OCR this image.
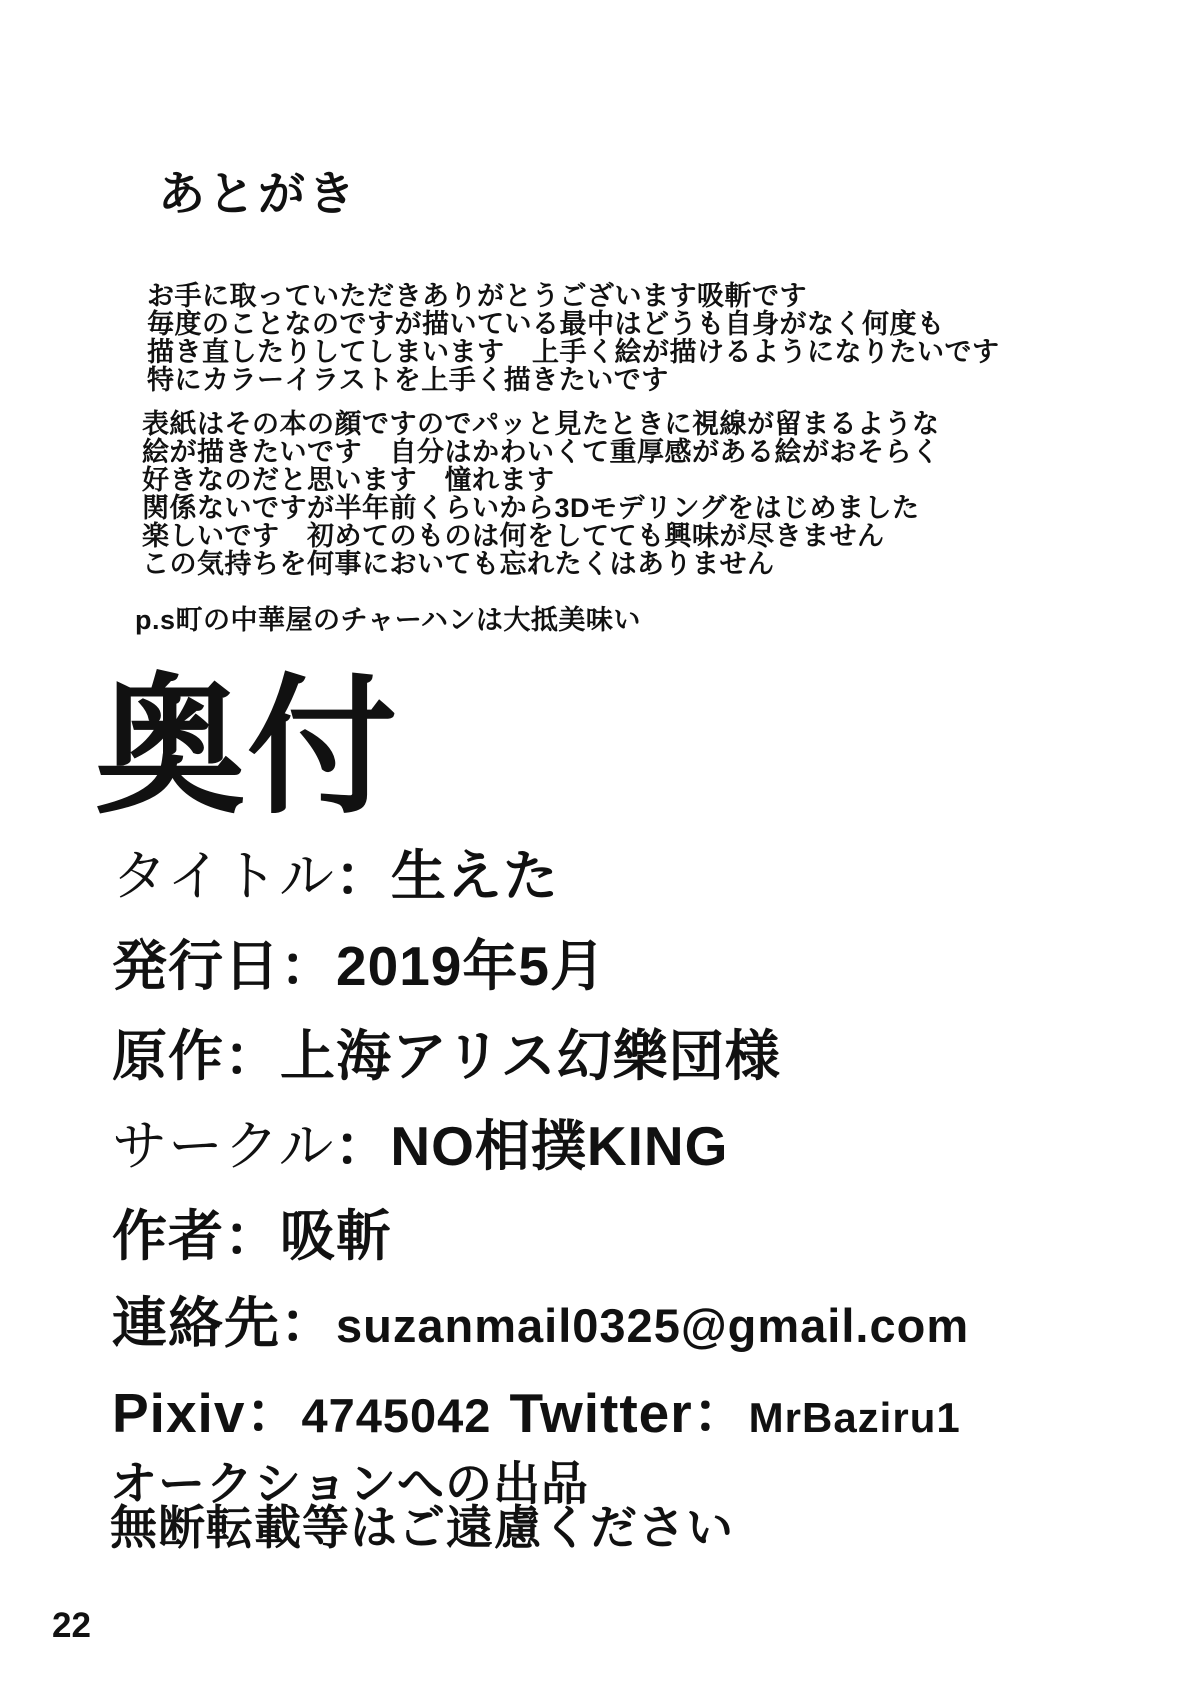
あとがき
お手に取っていただきありがとうございます吸斬です
毎度のことなのですが描いている最中はどうも自身がなく何度も
描き直したりしてしまいます　上手く絵が描けるようになりたいです
特にカラーイラストを上手く描きたいです
表紙はその本の顔ですのでパッと見たときに視線が留まるような
絵が描きたいです　自分はかわいくて重厚感がある絵がおそらく
好きなのだと思います　憧れます
関係ないですが半年前くらいから3Dモデリングをはじめました
楽しいです　初めてのものは何をしてても興味が尽きません
この気持ちを何事においても忘れたくはありません
p.s町の中華屋のチャーハンは大抵美味い
奥付
タイトル：生えた
発行日：2019年5月
原作：上海アリス幻樂団様
サークル：NO相撲KING
作者：吸斬
連絡先：suzanmail0325@gmail.com
Pixiv：4745042 Twitter：MrBaziru1
オークションへの出品
無断転載等はご遠慮ください
22
